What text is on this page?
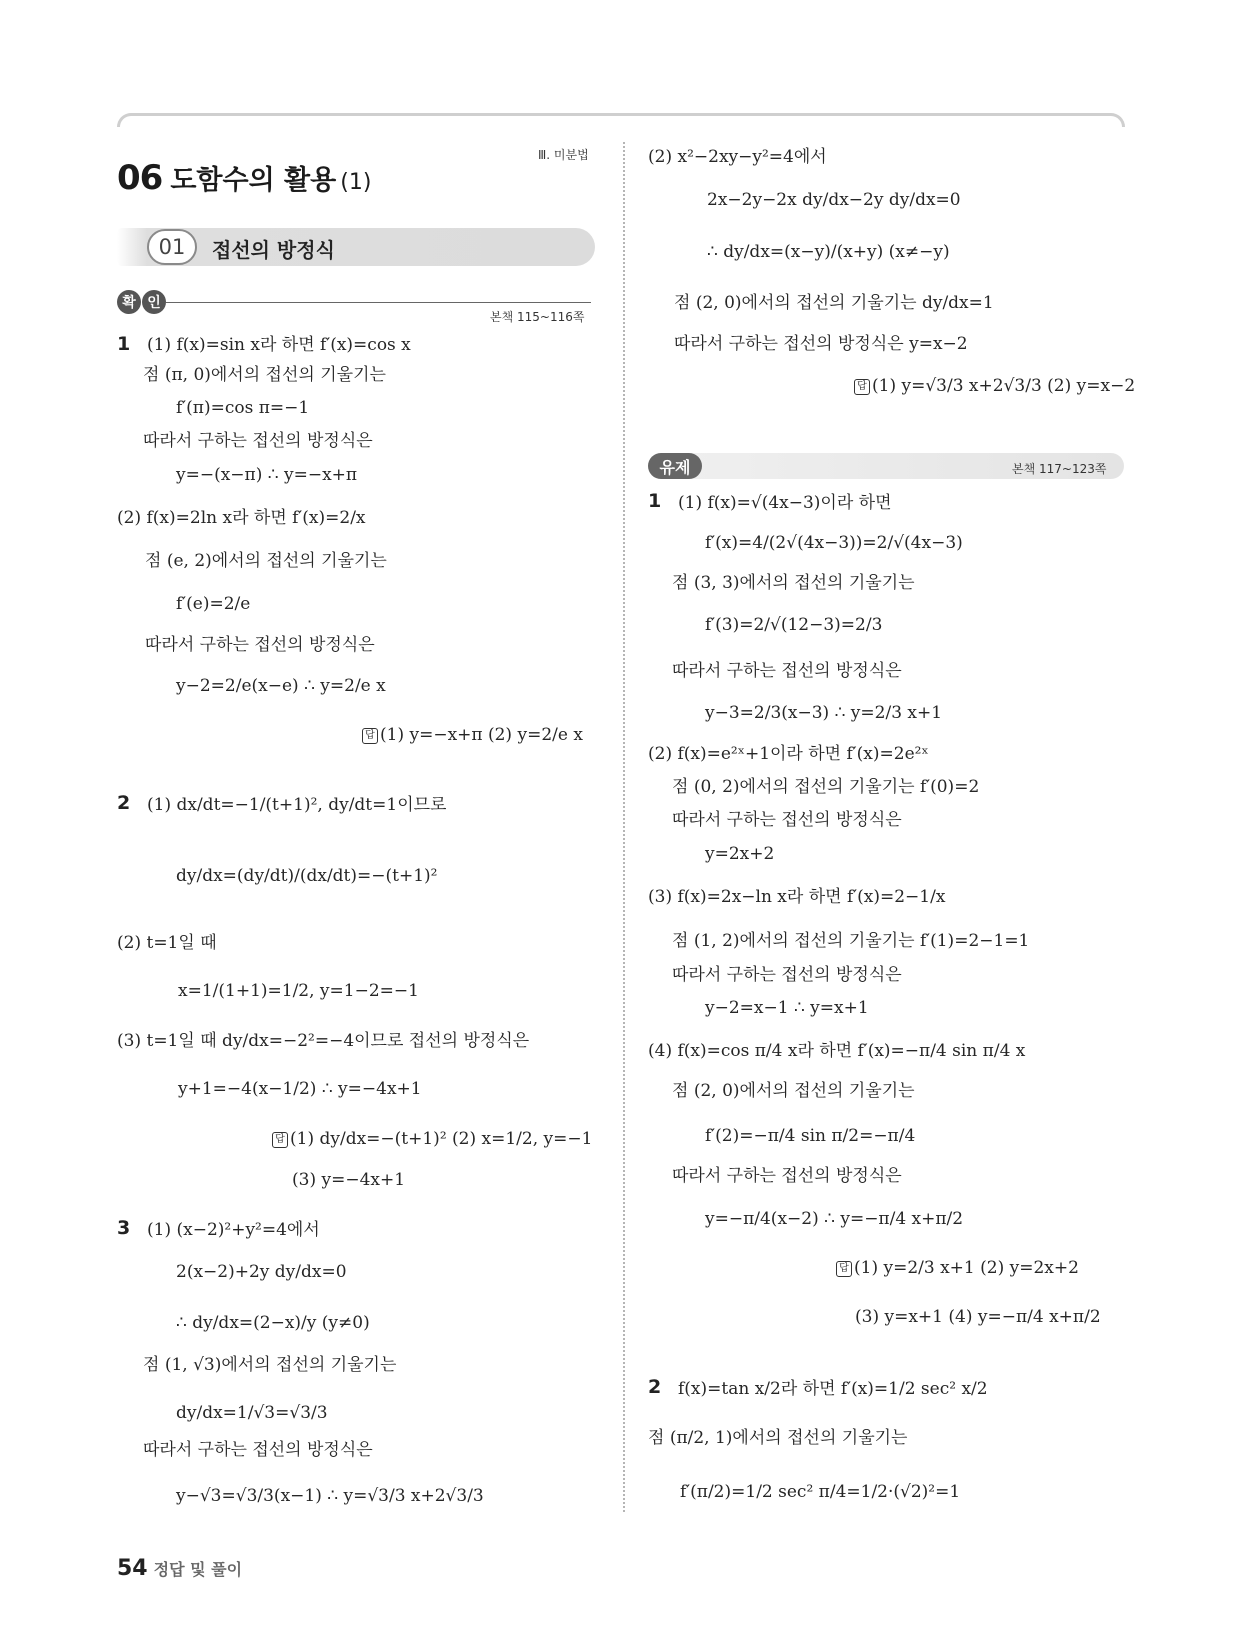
Ⅲ. 미분법
06 도함수의 활용 (1)
01	접선의 방정식
확 인
본책 115~116쪽
1 (1) f(x)=sin x라 하면 f′(x)=cos x
점 (π, 0)에서의 접선의 기울기는
f′(π)=cos π=−1
따라서 구하는 접선의 방정식은
y=−(x−π) ∴ y=−x+π
(2) f(x)=2ln x라 하면 f′(x)=2/x
점 (e, 2)에서의 접선의 기울기는
f′(e)=2/e
따라서 구하는 접선의 방정식은
y−2=2/e(x−e) ∴ y=2/e x
답 (1) y=−x+π (2) y=2/e x
2 (1) dx/dt=−1/(t+1)², dy/dt=1이므로
dy/dx=(dy/dt)/(dx/dt)=−(t+1)²
(2) t=1일 때
x=1/(1+1)=1/2, y=1−2=−1
(3) t=1일 때 dy/dx=−2²=−4이므로 접선의 방정식은
y+1=−4(x−1/2) ∴ y=−4x+1
답 (1) dy/dx=−(t+1)² (2) x=1/2, y=−1
(3) y=−4x+1
3 (1) (x−2)²+y²=4에서
2(x−2)+2y dy/dx=0
∴ dy/dx=(2−x)/y (y≠0)
점 (1, √3)에서의 접선의 기울기는
dy/dx=1/√3=√3/3
따라서 구하는 접선의 방정식은
y−√3=√3/3(x−1) ∴ y=√3/3 x+2√3/3
(2) x²−2xy−y²=4에서
2x−2y−2x dy/dx−2y dy/dx=0
∴ dy/dx=(x−y)/(x+y) (x≠−y)
점 (2, 0)에서의 접선의 기울기는 dy/dx=1
따라서 구하는 접선의 방정식은 y=x−2
답 (1) y=√3/3 x+2√3/3 (2) y=x−2
유제	본책 117~123쪽
1 (1) f(x)=√(4x−3)이라 하면
f′(x)=4/(2√(4x−3))=2/√(4x−3)
점 (3, 3)에서의 접선의 기울기는
f′(3)=2/√(12−3)=2/3
따라서 구하는 접선의 방정식은
y−3=2/3(x−3) ∴ y=2/3 x+1
(2) f(x)=e²ˣ+1이라 하면 f′(x)=2e²ˣ
점 (0, 2)에서의 접선의 기울기는 f′(0)=2
따라서 구하는 접선의 방정식은
y=2x+2
(3) f(x)=2x−ln x라 하면 f′(x)=2−1/x
점 (1, 2)에서의 접선의 기울기는 f′(1)=2−1=1
따라서 구하는 접선의 방정식은
y−2=x−1 ∴ y=x+1
(4) f(x)=cos π/4 x라 하면 f′(x)=−π/4 sin π/4 x
점 (2, 0)에서의 접선의 기울기는
f′(2)=−π/4 sin π/2=−π/4
따라서 구하는 접선의 방정식은
y=−π/4(x−2) ∴ y=−π/4 x+π/2
답 (1) y=2/3 x+1 (2) y=2x+2
(3) y=x+1 (4) y=−π/4 x+π/2
2 f(x)=tan x/2라 하면 f′(x)=1/2 sec² x/2
점 (π/2, 1)에서의 접선의 기울기는
f′(π/2)=1/2 sec² π/4=1/2·(√2)²=1
54 정답 및 풀이
